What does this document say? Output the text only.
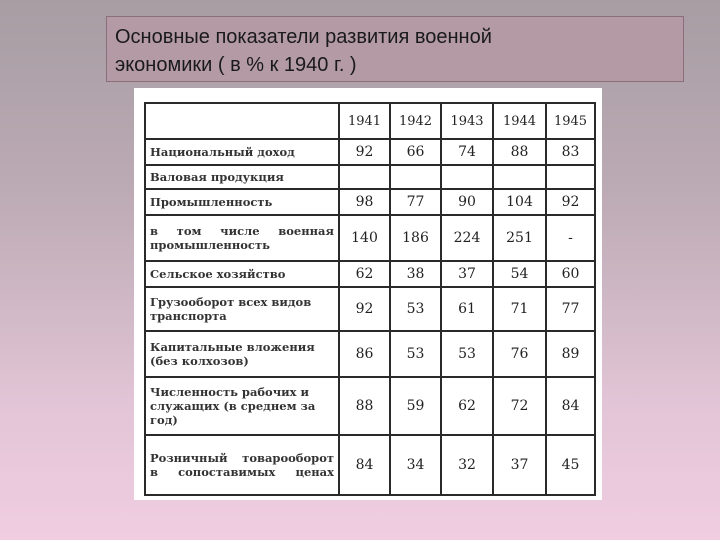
Основные показатели развития военной
экономики ( в % к 1940 г. )
	1941	1942	1943	1944	1945
Национальный доход	92	66	74	88	83
Валовая продукция					
Промышленность	98	77	90	104	92
в том числе военная промышленность	140	186	224	251	-
Сельское хозяйство	62	38	37	54	60
Грузооборот всех видов транспорта	92	53	61	71	77
Капитальные вложения (без колхозов)	86	53	53	76	89
Численность рабочих и служащих (в среднем за год)	88	59	62	72	84
Розничный товарооборот в сопоставимых ценах	84	34	32	37	45
